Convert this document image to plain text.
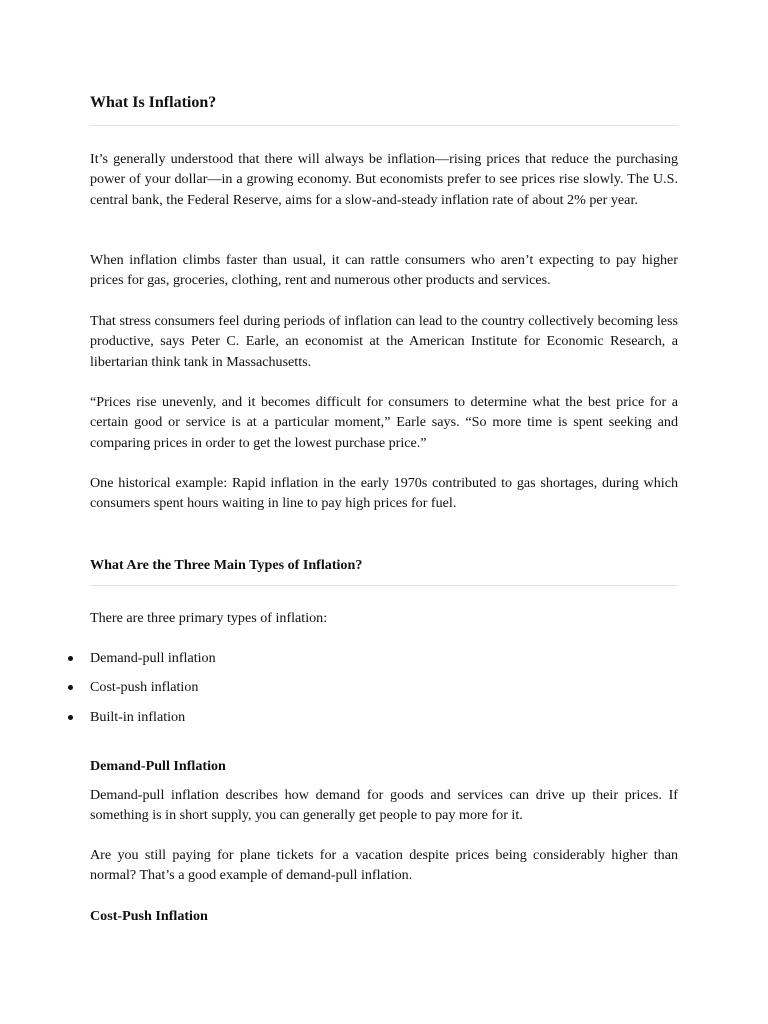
What Is Inflation?

It’s generally understood that there will always be inflation—rising prices that reduce the purchasing power of your dollar—in a growing economy. But economists prefer to see prices rise slowly. The U.S. central bank, the Federal Reserve, aims for a slow-and-steady inflation rate of about 2% per year.

When inflation climbs faster than usual, it can rattle consumers who aren’t expecting to pay higher prices for gas, groceries, clothing, rent and numerous other products and services.

That stress consumers feel during periods of inflation can lead to the country collectively becoming less productive, says Peter C. Earle, an economist at the American Institute for Economic Research, a libertarian think tank in Massachusetts.

“Prices rise unevenly, and it becomes difficult for consumers to determine what the best price for a certain good or service is at a particular moment,” Earle says. “So more time is spent seeking and comparing prices in order to get the lowest purchase price.”

One historical example: Rapid inflation in the early 1970s contributed to gas shortages, during which consumers spent hours waiting in line to pay high prices for fuel.

What Are the Three Main Types of Inflation?

There are three primary types of inflation:

Demand-pull inflation
Cost-push inflation
Built-in inflation
Demand-Pull Inflation

Demand-pull inflation describes how demand for goods and services can drive up their prices. If something is in short supply, you can generally get people to pay more for it.

Are you still paying for plane tickets for a vacation despite prices being considerably higher than normal? That’s a good example of demand-pull inflation.

Cost-Push Inflation
